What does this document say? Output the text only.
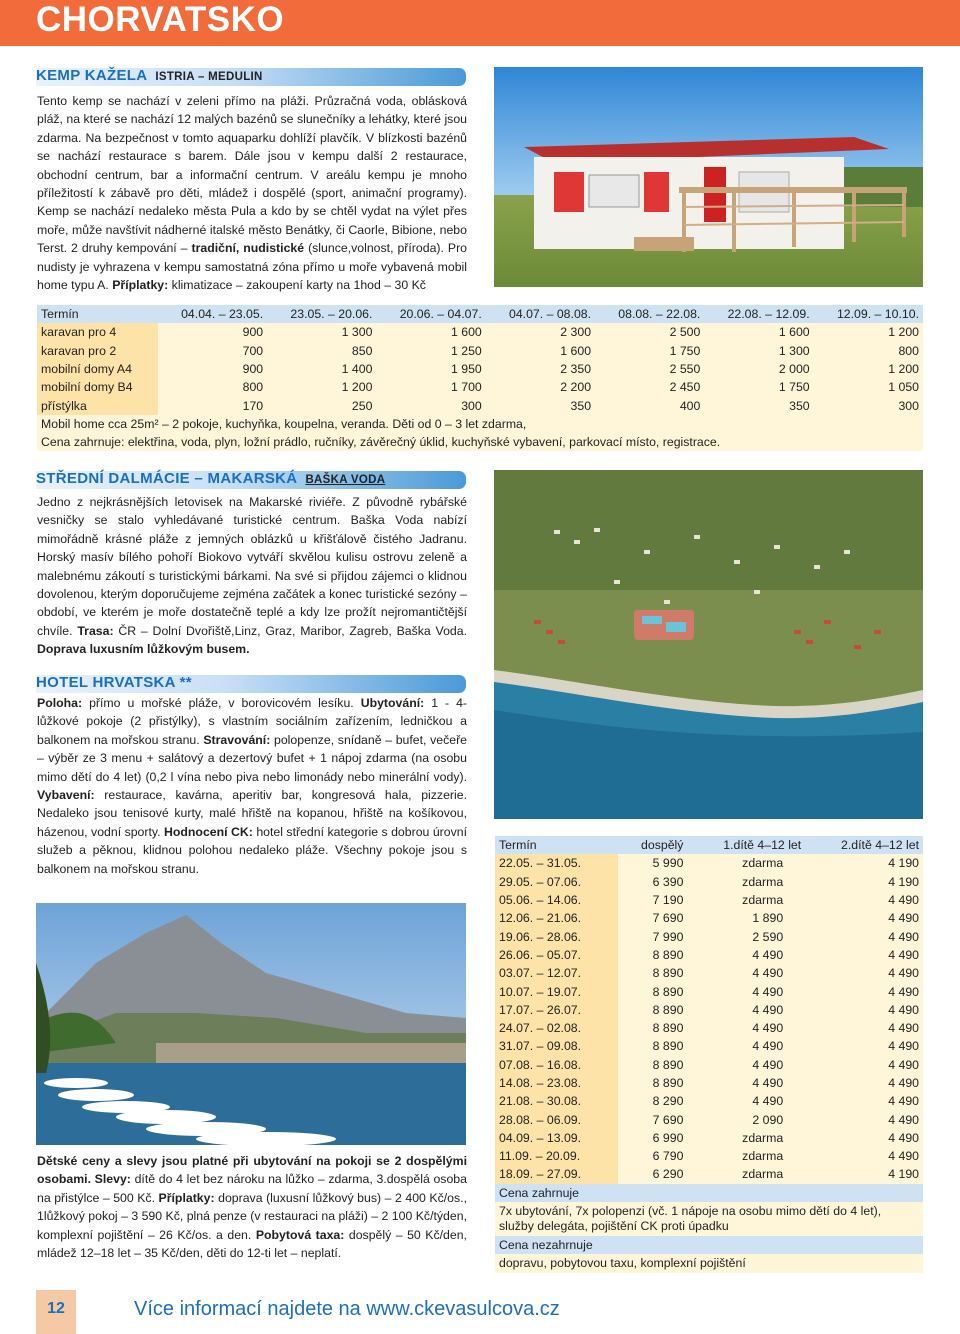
CHORVATSKO
KEMP KAŽELA ISTRIA – MEDULIN
Tento kemp se nachází v zeleni přímo na pláži. Průzračná voda, oblásková pláž, na které se nachází 12 malých bazénů se slunečníky a lehátky, které jsou zdarma. Na bezpečnost v tomto aquaparku dohlíží plavčík. V blízkosti bazénů se nachází restaurace s barem. Dále jsou v kempu další 2 restaurace, obchodní centrum, bar a informační centrum. V areálu kempu je mnoho příležitostí k zábavě pro děti, mládež i dospělé (sport, animační programy). Kemp se nachází nedaleko města Pula a kdo by se chtěl vydat na výlet přes moře, může navštívit nádherné italské město Benátky, či Caorle, Bibione, nebo Terst. 2 druhy kempování – tradiční, nudistické (slunce,volnost, příroda). Pro nudisty je vyhrazena v kempu samostatná zóna přímo u moře vybavená mobil home typu A. Příplatky: klimatizace – zakoupení karty na 1hod – 30 Kč
Termín	04.04. – 23.05.	23.05. – 20.06.	20.06. – 04.07.	04.07. – 08.08.	08.08. – 22.08.	22.08. – 12.09.	12.09. – 10.10.
karavan pro 4	900	1 300	1 600	2 300	2 500	1 600	1 200
karavan pro 2	700	850	1 250	1 600	1 750	1 300	800
mobilní domy A4	900	1 400	1 950	2 350	2 550	2 000	1 200
mobilní domy B4	800	1 200	1 700	2 200	2 450	1 750	1 050
přístýlka	170	250	300	350	400	350	300
Mobil home cca 25m² – 2 pokoje, kuchyňka, koupelna, veranda. Děti od 0 – 3 let zdarma,							
Cena zahrnuje: elektřina, voda, plyn, ložní prádlo, ručníky, závěrečný úklid, kuchyňské vybavení, parkovací místo, registrace.							
STŘEDNÍ DALMÁCIE – MAKARSKÁ BAŠKA VODA
Jedno z nejkrásnějších letovisek na Makarské riviéře. Z původně rybářské vesničky se stalo vyhledávané turistické centrum. Baška Voda nabízí mimořádně krásné pláže z jemných oblázků u křišťálově čistého Jadranu. Horský masív bílého pohoří Biokovo vytváří skvělou kulisu ostrovu zeleně a malebnému zákoutí s turistickými bárkami. Na své si přijdou zájemci o klidnou dovolenou, kterým doporučujeme zejména začátek a konec turistické sezóny – období, ve kterém je moře dostatečně teplé a kdy lze prožít nejromantičtější chvíle. Trasa: ČR – Dolní Dvořiště,Linz, Graz, Maribor, Zagreb, Baška Voda. Doprava luxusním lůžkovým busem.
HOTEL HRVATSKA **
Poloha: přímo u mořské pláže, v borovicovém lesíku. Ubytování: 1 - 4-lůžkové pokoje (2 přistýlky), s vlastním sociálním zařízením, ledničkou a balkonem na mořskou stranu. Stravování: polopenze, snídaně – bufet, večeře – výběr ze 3 menu + salátový a dezertový bufet + 1 nápoj zdarma (na osobu mimo dětí do 4 let) (0,2 l vína nebo piva nebo limonády nebo minerální vody). Vybavení: restaurace, kavárna, aperitiv bar, kongresová hala, pizzerie. Nedaleko jsou tenisové kurty, malé hřiště na kopanou, hřiště na košíkovou, házenou, vodní sporty. Hodnocení CK: hotel střední kategorie s dobrou úrovní služeb a pěknou, klidnou polohou nedaleko pláže. Všechny pokoje jsou s balkonem na mořskou stranu.
Dětské ceny a slevy jsou platné při ubytování na pokoji se 2 dospělými osobami. Slevy: dítě do 4 let bez nároku na lůžko – zdarma, 3.dospělá osoba na přistýlce – 500 Kč. Příplatky: doprava (luxusní lůžkový bus) – 2 400 Kč/os., 1lůžkový pokoj – 3 590 Kč, plná penze (v restauraci na pláži) – 2 100 Kč/týden, komplexní pojištění – 26 Kč/os. a den. Pobytová taxa: dospělý – 50 Kč/den, mládež 12–18 let – 35 Kč/den, děti do 12-ti let – neplatí.
Termín	dospělý	1.dítě 4–12 let	2.dítě 4–12 let
22.05. – 31.05.	5 990	zdarma	4 190
29.05. – 07.06.	6 390	zdarma	4 190
05.06. – 14.06.	7 190	zdarma	4 490
12.06. – 21.06.	7 690	1 890	4 490
19.06. – 28.06.	7 990	2 590	4 490
26.06. – 05.07.	8 890	4 490	4 490
03.07. – 12.07.	8 890	4 490	4 490
10.07. – 19.07.	8 890	4 490	4 490
17.07. – 26.07.	8 890	4 490	4 490
24.07. – 02.08.	8 890	4 490	4 490
31.07. – 09.08.	8 890	4 490	4 490
07.08. – 16.08.	8 890	4 490	4 490
14.08. – 23.08.	8 890	4 490	4 490
21.08. – 30.08.	8 290	4 490	4 490
28.08. – 06.09.	7 690	2 090	4 490
04.09. – 13.09.	6 990	zdarma	4 490
11.09. – 20.09.	6 790	zdarma	4 490
18.09. – 27.09.	6 290	zdarma	4 190
Cena zahrnuje			
7x ubytování, 7x polopenzi (vč. 1 nápoje na osobu mimo dětí do 4 let), služby delegáta, pojištění CK proti úpadku			
Cena nezahrnuje			
dopravu, pobytovou taxu, komplexní pojištění			
12	Více informací najdete na www.ckevasulcova.cz
